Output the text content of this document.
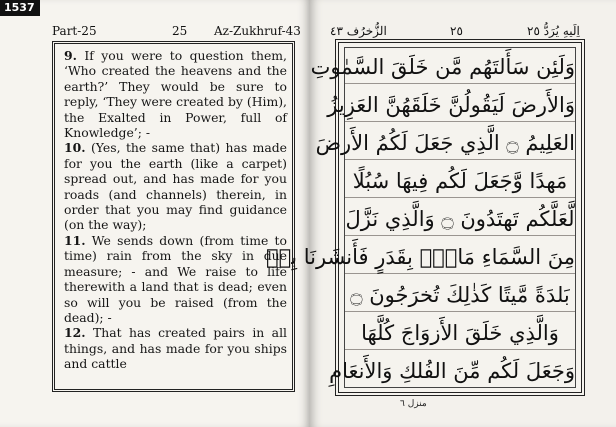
1537
Part-25	25 Az-Zukhruf-43

9. If you were to question them, ‘Who created the heavens and the earth?’ They would be sure to reply, ‘They were created by (Him), the Exalted in Power, full of Knowledge’; -

10. (Yes, the same that) has made for you the earth (like a carpet) spread out, and has made for you roads (and channels) therein, in order that you may find guidance (on the way);

11. We sends down (from time to time) rain from the sky in due measure; - and We raise to life therewith a land that is dead; even so will you be raised (from the dead); -

12. That has created pairs in all things, and has made for you ships and cattle

الزُّخرُف ٤٣	٢٥	اِلَيهِ يُرَدُّ ٢٥
وَلَئِن سَأَلتَهُم مَّن خَلَقَ السَّمٰوٰتِ
وَالأَرضَ لَيَقُولُنَّ خَلَقَهُنَّ العَزِيزُ
العَلِيمُ ۝ الَّذِي جَعَلَ لَكُمُ الأَرضَ
مَهدًا وَّجَعَلَ لَكُم فِيهَا سُبُلًا
لَّعَلَّكُم تَهتَدُونَ ۝ وَالَّذِي نَزَّلَ
مِنَ السَّمَاءِ مَاءًۢ بِقَدَرٍ فَأَنشَرنَا بِهٖ
بَلدَةً مَّيتًا كَذٰلِكَ تُخرَجُونَ ۝
وَالَّذِي خَلَقَ الأَزوَاجَ كُلَّهَا
وَجَعَلَ لَكُم مِّنَ الفُلكِ وَالأَنعَامِ
منزل ٦
